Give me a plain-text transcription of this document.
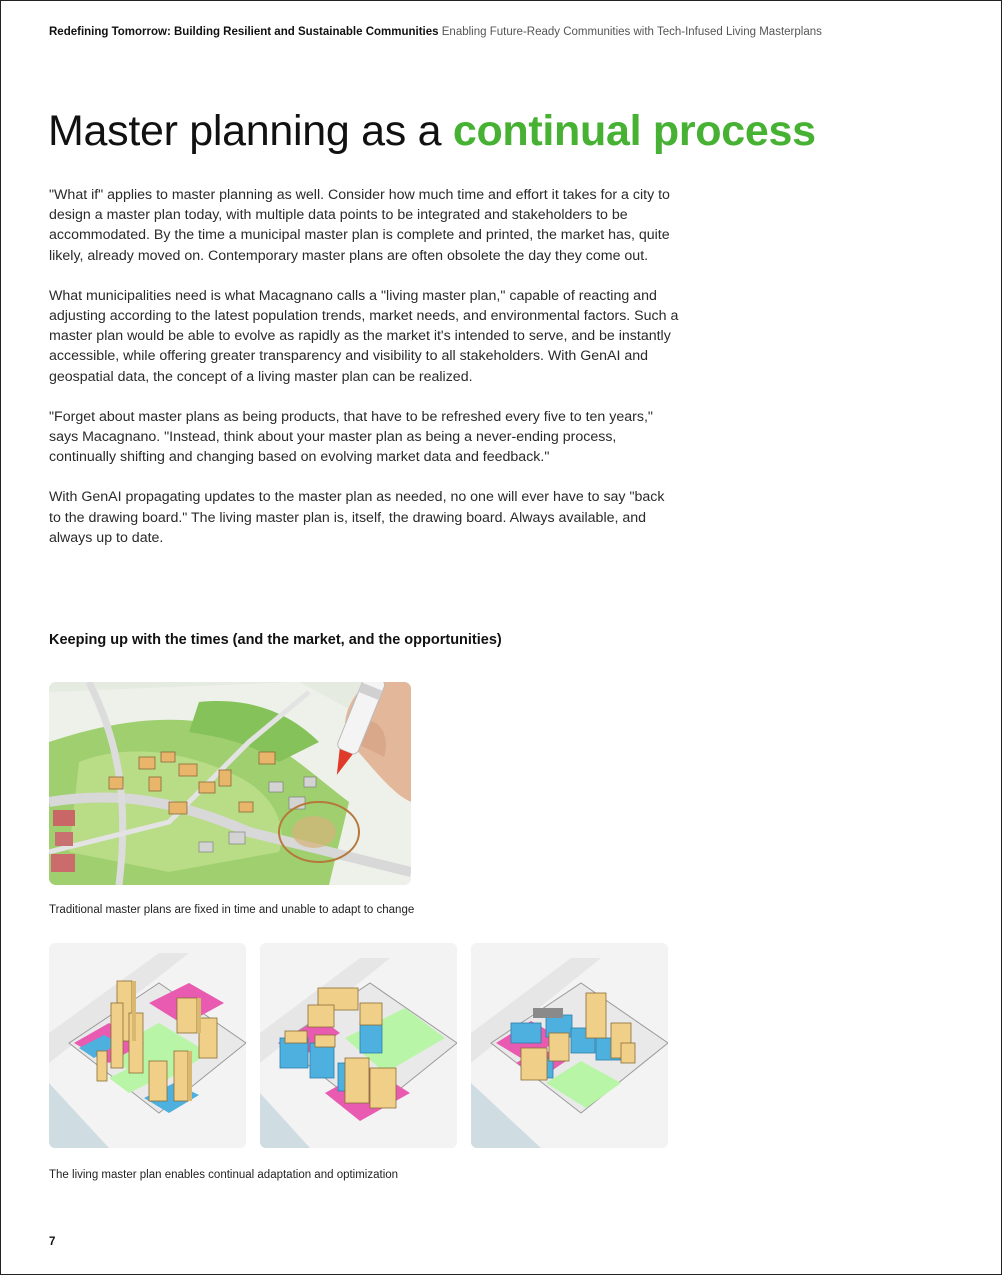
Redefining Tomorrow: Building Resilient and Sustainable Communities Enabling Future-Ready Communities with Tech-Infused Living Masterplans
Master planning as a continual process

"What if" applies to master planning as well. Consider how much time and effort it takes for a city to design a master plan today, with multiple data points to be integrated and stakeholders to be accommodated. By the time a municipal master plan is complete and printed, the market has, quite likely, already moved on. Contemporary master plans are often obsolete the day they come out.

What municipalities need is what Macagnano calls a "living master plan," capable of reacting and adjusting according to the latest population trends, market needs, and environmental factors. Such a master plan would be able to evolve as rapidly as the market it's intended to serve, and be instantly accessible, while offering greater transparency and visibility to all stakeholders. With GenAI and geospatial data, the concept of a living master plan can be realized.

"Forget about master plans as being products, that have to be refreshed every five to ten years," says Macagnano. "Instead, think about your master plan as being a never-ending process, continually shifting and changing based on evolving market data and feedback."

With GenAI propagating updates to the master plan as needed, no one will ever have to say "back to the drawing board." The living master plan is, itself, the drawing board. Always available, and always up to date.

Keeping up with the times (and the market, and the opportunities)
Traditional master plans are fixed in time and unable to adapt to change
The living master plan enables continual adaptation and optimization
7
